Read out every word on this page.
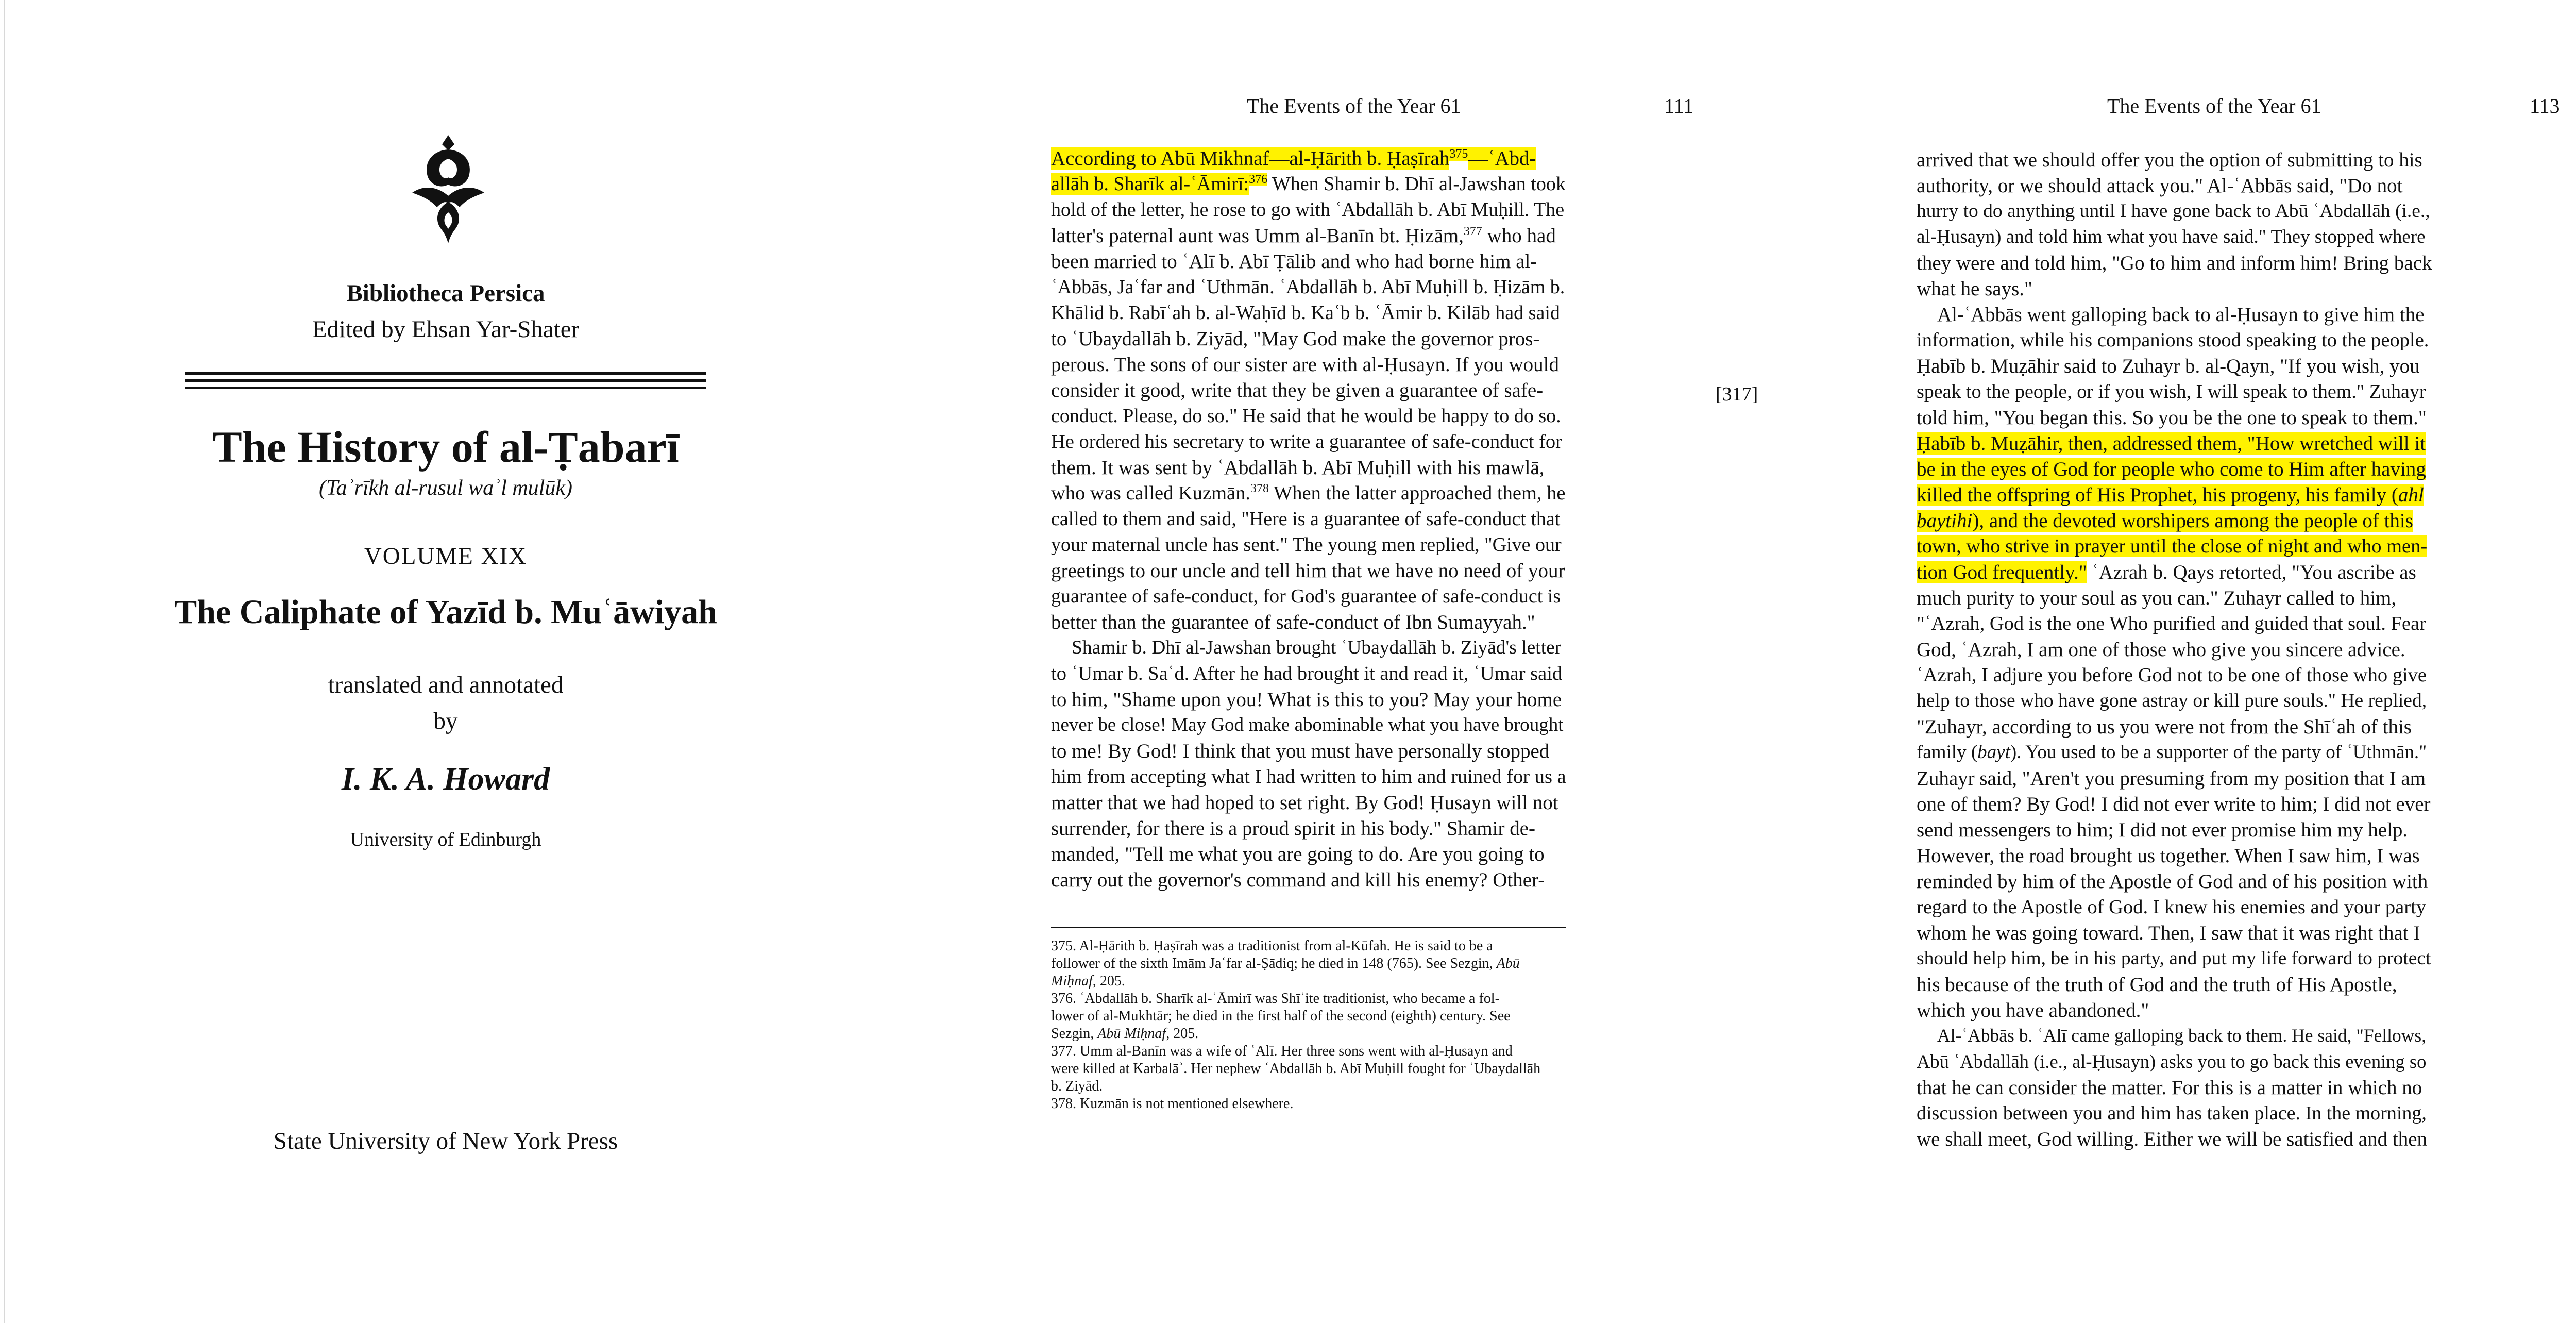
Bibliotheca Persica
Edited by Ehsan Yar-Shater
The History of al-Ṭabarī
(Taʾrīkh al-rusul waʾl mulūk)
VOLUME XIX
The Caliphate of Yazīd b. Muʿāwiyah
translated and annotated
by
I. K. A. Howard
University of Edinburgh
State University of New York Press
The Events of the Year 61	111
According to Abū Mikhnaf—al-Ḥārith b. Ḥaṣīrah$^{375}$—ʿAbd-
allāh b. Sharīk al-ʿĀmirī:$^{376}$ When Shamir b. Dhī al-Jawshan took
hold of the letter, he rose to go with ʿAbdallāh b. Abī Muḥill. The
latter's paternal aunt was Umm al-Banīn bt. Ḥizām,$^{377}$ who had
been married to ʿAlī b. Abī Ṭālib and who had borne him al-
ʿAbbās, Jaʿfar and ʿUthmān. ʿAbdallāh b. Abī Muḥill b. Ḥizām b.
Khālid b. Rabīʿah b. al-Waḥīd b. Kaʿb b. ʿĀmir b. Kilāb had said
to ʿUbaydallāh b. Ziyād, "May God make the governor pros-
perous. The sons of our sister are with al-Ḥusayn. If you would
consider it good, write that they be given a guarantee of safe-
conduct. Please, do so." He said that he would be happy to do so.
He ordered his secretary to write a guarantee of safe-conduct for
them. It was sent by ʿAbdallāh b. Abī Muḥill with his mawlā,
who was called Kuzmān.$^{378}$ When the latter approached them, he
called to them and said, "Here is a guarantee of safe-conduct that
your maternal uncle has sent." The young men replied, "Give our
greetings to our uncle and tell him that we have no need of your
guarantee of safe-conduct, for God's guarantee of safe-conduct is
better than the guarantee of safe-conduct of Ibn Sumayyah."
Shamir b. Dhī al-Jawshan brought ʿUbaydallāh b. Ziyād's letter
to ʿUmar b. Saʿd. After he had brought it and read it, ʿUmar said
to him, "Shame upon you! What is this to you? May your home
never be close! May God make abominable what you have brought
to me! By God! I think that you must have personally stopped
him from accepting what I had written to him and ruined for us a
matter that we had hoped to set right. By God! Ḥusayn will not
surrender, for there is a proud spirit in his body." Shamir de-
manded, "Tell me what you are going to do. Are you going to
carry out the governor's command and kill his enemy? Other-
[317]
375. Al-Ḥārith b. Ḥaṣīrah was a traditionist from al-Kūfah. He is said to be a
follower of the sixth Imām Jaʿfar al-Ṣādiq; he died in 148 (765). See Sezgin, Abū
Miḥnaf, 205.
376. ʿAbdallāh b. Sharīk al-ʿĀmirī was Shīʿite traditionist, who became a fol-
lower of al-Mukhtār; he died in the first half of the second (eighth) century. See
Sezgin, Abū Miḥnaf, 205.
377. Umm al-Banīn was a wife of ʿAlī. Her three sons went with al-Ḥusayn and
were killed at Karbalāʾ. Her nephew ʿAbdallāh b. Abī Muḥill fought for ʿUbaydallāh
b. Ziyād.
378. Kuzmān is not mentioned elsewhere.
The Events of the Year 61	113
arrived that we should offer you the option of submitting to his
authority, or we should attack you." Al-ʿAbbās said, "Do not
hurry to do anything until I have gone back to Abū ʿAbdallāh (i.e.,
al-Ḥusayn) and told him what you have said." They stopped where
they were and told him, "Go to him and inform him! Bring back
what he says."
Al-ʿAbbās went galloping back to al-Ḥusayn to give him the
information, while his companions stood speaking to the people.
Ḥabīb b. Muẓāhir said to Zuhayr b. al-Qayn, "If you wish, you
speak to the people, or if you wish, I will speak to them." Zuhayr
told him, "You began this. So you be the one to speak to them."
Ḥabīb b. Muẓāhir, then, addressed them, "How wretched will it
be in the eyes of God for people who come to Him after having
killed the offspring of His Prophet, his progeny, his family (ahl
baytihi), and the devoted worshipers among the people of this
town, who strive in prayer until the close of night and who men-
tion God frequently." ʿAzrah b. Qays retorted, "You ascribe as
much purity to your soul as you can." Zuhayr called to him,
"ʿAzrah, God is the one Who purified and guided that soul. Fear
God, ʿAzrah, I am one of those who give you sincere advice.
ʿAzrah, I adjure you before God not to be one of those who give
help to those who have gone astray or kill pure souls." He replied,
"Zuhayr, according to us you were not from the Shīʿah of this
family (bayt). You used to be a supporter of the party of ʿUthmān."
Zuhayr said, "Aren't you presuming from my position that I am
one of them? By God! I did not ever write to him; I did not ever
send messengers to him; I did not ever promise him my help.
However, the road brought us together. When I saw him, I was
reminded by him of the Apostle of God and of his position with
regard to the Apostle of God. I knew his enemies and your party
whom he was going toward. Then, I saw that it was right that I
should help him, be in his party, and put my life forward to protect
his because of the truth of God and the truth of His Apostle,
which you have abandoned."
Al-ʿAbbās b. ʿAlī came galloping back to them. He said, "Fellows,
Abū ʿAbdallāh (i.e., al-Ḥusayn) asks you to go back this evening so
that he can consider the matter. For this is a matter in which no
discussion between you and him has taken place. In the morning,
we shall meet, God willing. Either we will be satisfied and then
